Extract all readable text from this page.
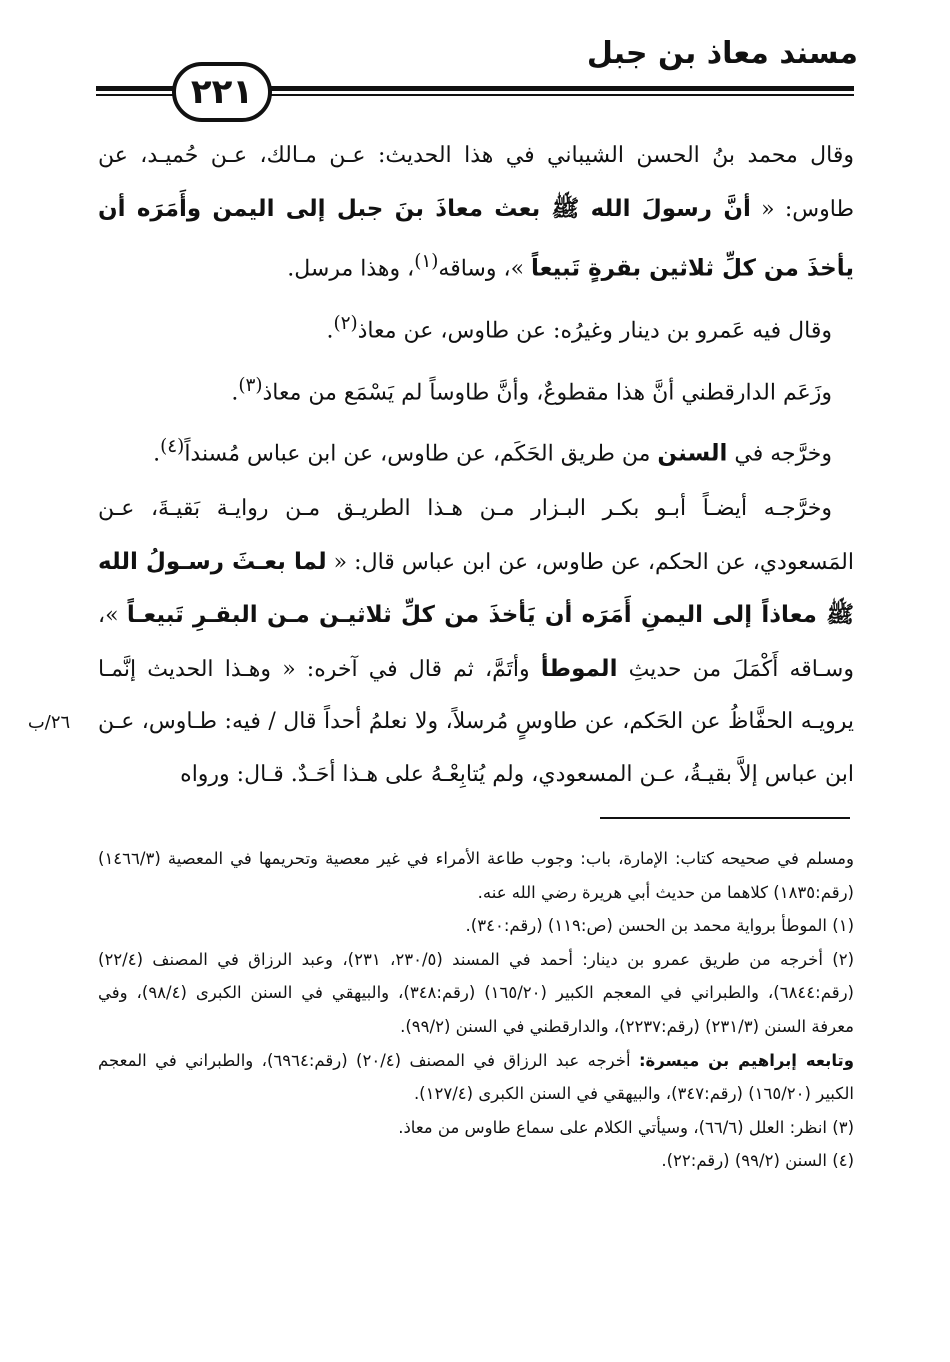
مسند معاذ بن جبل
٢٢١

وقال محمد بنُ الحسن الشيباني في هذا الحديث: عـن مـالك، عـن حُميـد، عن طاوس: « أنَّ رسولَ الله ﷺ بعث معاذَ بنَ جبل إلى اليمن وأَمَرَه أن يأخذَ من كلِّ ثلاثين بقرةٍ تَبيعاً »، وساقه$^{(١)}$، وهذا مرسل.

 وقال فيه عَمرو بن دينار وغيرُه: عن طاوس، عن معاذ$^{(٢)}$.

 وزَعَم الدارقطني أنَّ هذا مقطوعٌ، وأنَّ طاوساً لم يَسْمَع من معاذ$^{(٣)}$.

 وخرَّجه في السنن من طريق الحَكَم، عن طاوس، عن ابن عباس مُسنداً$^{(٤)}$.

 وخرَّجـه أيضـاً أبـو بكـر البـزار مـن هـذا الطريـق مـن روايـة بَقيـةَ، عـن المَسعودي، عن الحكم، عن طاوس، عن ابن عباس قال: « لما بعـثَ رسـولُ الله ﷺ معاذاً إلى اليمنِ أَمَرَه أن يَأخذَ من كلِّ ثلاثيـن مـن البقـرِ تَبيعـاً »، وسـاقه أَكْمَلَ من حديثِ الموطأ وأتَمَّ، ثم قال في آخره: « وهـذا الحديث إنَّمـا يرويـه الحفَّاظُ عن الحَكم، عن طاوسٍ مُرسلاً، ولا نعلمُ أحداً قال / فيه: طـاوس، عـن ابن عباس إلاَّ بقيـةُ، عـن المسعودي، ولم يُتابِعْـهُ على هـذا أحَـدٌ. قـال: ورواه

٢٦/ب

ومسلم في صحيحه كتاب: الإمارة، باب: وجوب طاعة الأمراء في غير معصية وتحريمها في المعصية (١٤٦٦/٣) (رقم:١٨٣٥) كلاهما من حديث أبي هريرة رضي الله عنه.

(١) الموطأ برواية محمد بن الحسن (ص:١١٩) (رقم:٣٤٠).

(٢) أخرجه من طريق عمرو بن دينار: أحمد في المسند (٢٣٠/٥، ٢٣١)، وعبد الرزاق في المصنف (٢٢/٤) (رقم:٦٨٤٤)، والطبراني في المعجم الكبير (١٦٥/٢٠) (رقم:٣٤٨)، والبيهقي في السنن الكبرى (٩٨/٤)، وفي معرفة السنن (٢٣١/٣) (رقم:٢٢٣٧)، والدارقطني في السنن (٩٩/٢).

وتابعه إبراهيم بن ميسرة: أخرجه عبد الرزاق في المصنف (٢٠/٤) (رقم:٦٩٦٤)، والطبراني في المعجم الكبير (١٦٥/٢٠) (رقم:٣٤٧)، والبيهقي في السنن الكبرى (١٢٧/٤).

(٣) انظر: العلل (٦٦/٦)، وسيأتي الكلام على سماع طاوس من معاذ.

(٤) السنن (٩٩/٢) (رقم:٢٢).
